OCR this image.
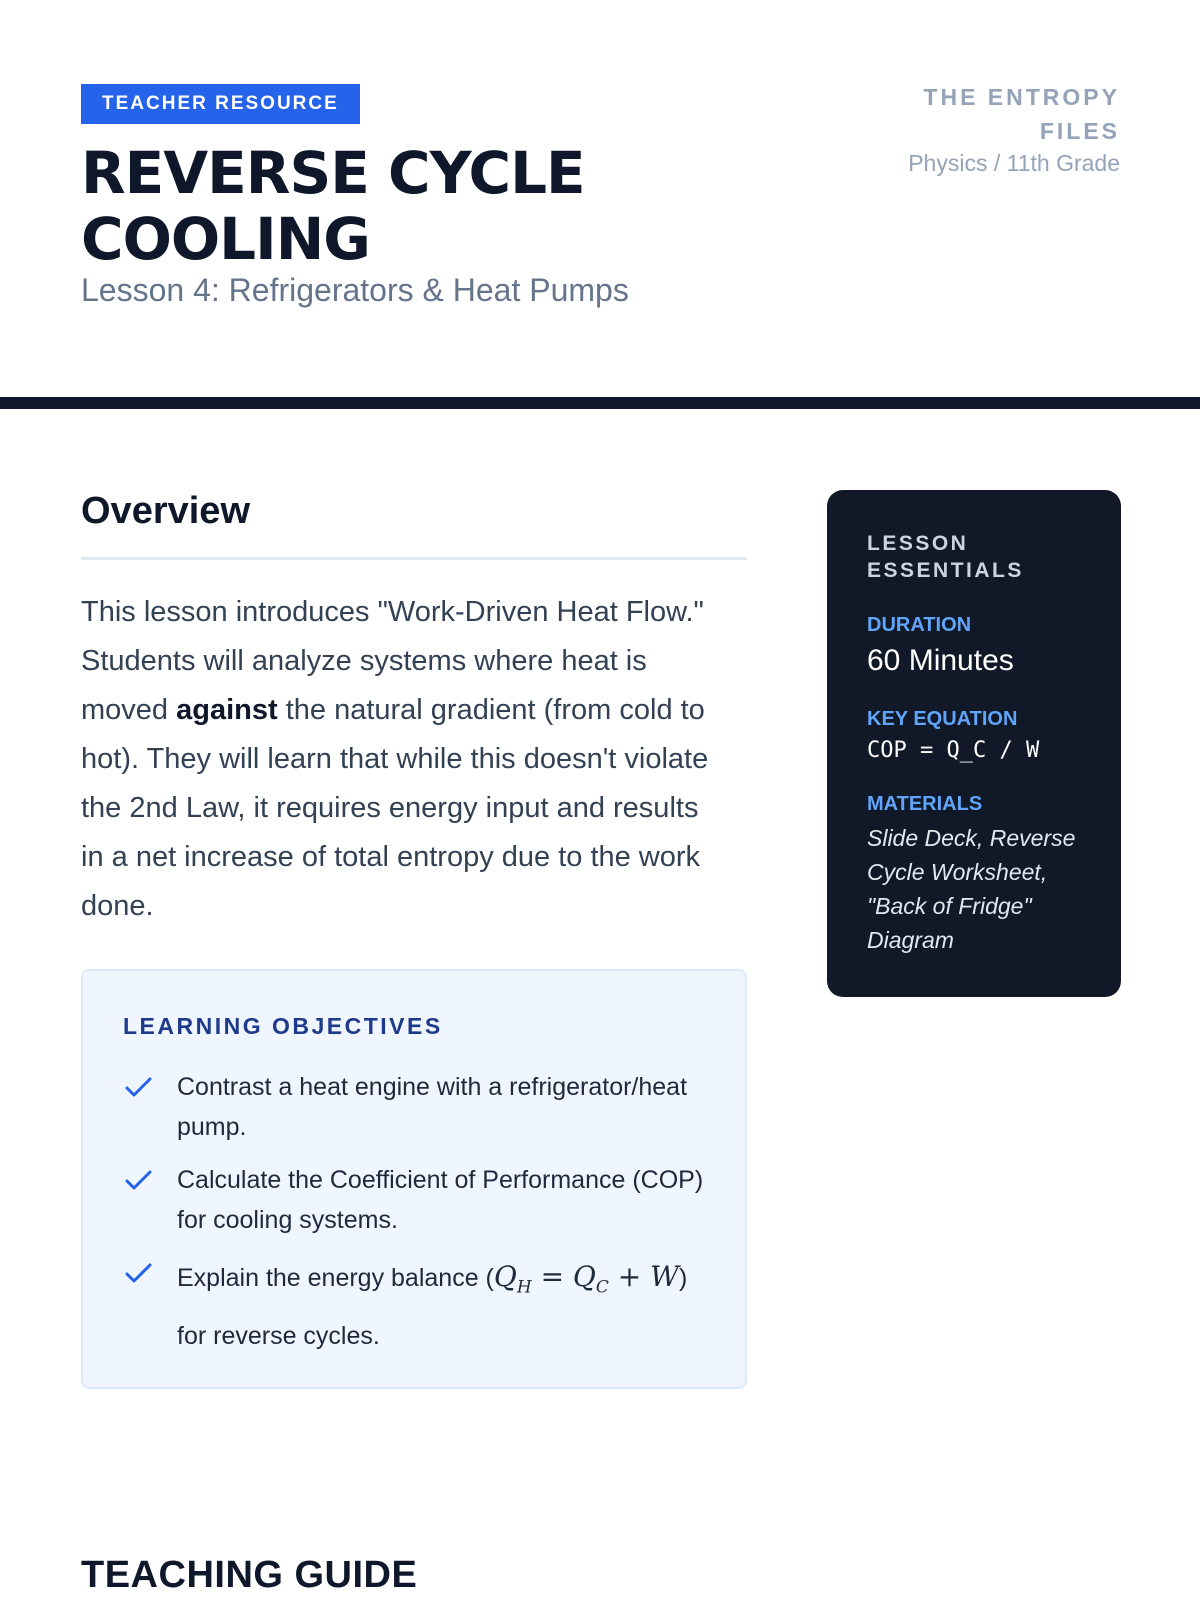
TEACHER RESOURCE
REVERSE CYCLE COOLING
Lesson 4: Refrigerators & Heat Pumps
THE ENTROPY FILES
Physics / 11th Grade
Overview

This lesson introduces "Work-Driven Heat Flow." Students will analyze systems where heat is moved against the natural gradient (from cold to hot). They will learn that while this doesn't violate the 2nd Law, it requires energy input and results in a net increase of total entropy due to the work done.

LEARNING OBJECTIVES
Contrast a heat engine with a refrigerator/heat pump.
Calculate the Coefficient of Performance (COP) for cooling systems.
Explain the energy balance $(Q_H = Q_C + W)$ for reverse cycles.
LESSON ESSENTIALS
DURATION
60 Minutes
KEY EQUATION
COP = Q_C / W
MATERIALS
Slide Deck, Reverse Cycle Worksheet, "Back of Fridge" Diagram
TEACHING GUIDE
